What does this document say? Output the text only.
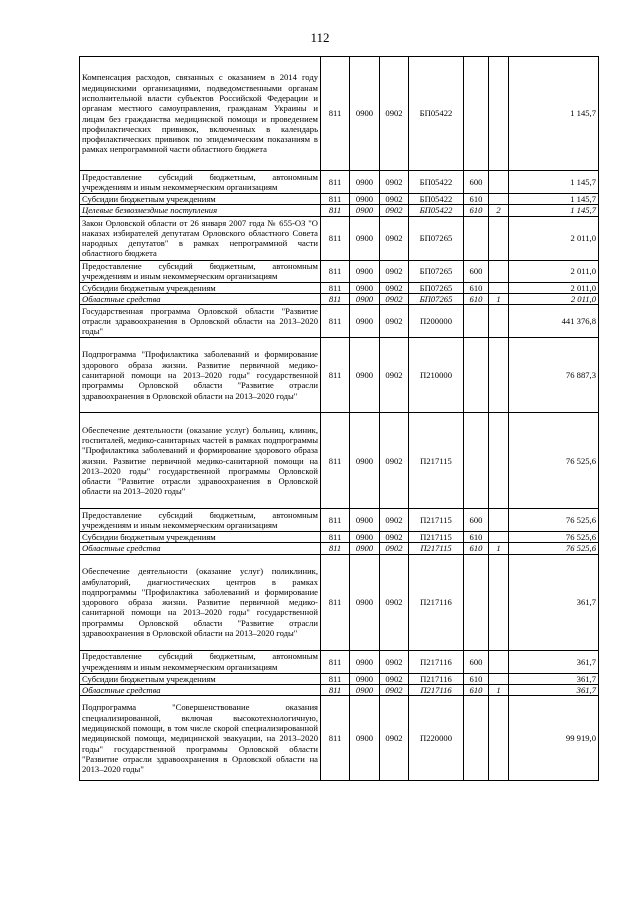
112
Компенсация расходов, связанных с оказанием в 2014 году медицинскими организациями, подведомственными органам исполнительной власти субъектов Российской Федерации и органам местного самоуправления, гражданам Украины и лицам без гражданства медицинской помощи и проведением профилактических прививок, включенных в календарь профилактических прививок по эпидемическим показаниям в рамках непрограммной части областного бюджета	811	0900	0902	БП05422			1 145,7
Предоставление субсидий бюджетным, автономным учреждениям и иным некоммерческим организациям	811	0900	0902	БП05422	600		1 145,7
Субсидии бюджетным учреждениям	811	0900	0902	БП05422	610		1 145,7
Целевые безвозмездные поступления	811	0900	0902	БП05422	610	2	1 145,7
Закон Орловской области от 26 января 2007 года № 655-ОЗ "О наказах избирателей депутатам Орловского областного Совета народных депутатов" в рамках непрограммной части областного бюджета	811	0900	0902	БП07265			2 011,0
Предоставление субсидий бюджетным, автономным учреждениям и иным некоммерческим организациям	811	0900	0902	БП07265	600		2 011,0
Субсидии бюджетным учреждениям	811	0900	0902	БП07265	610		2 011,0
Областные средства	811	0900	0902	БП07265	610	1	2 011,0
Государственная программа Орловской области "Развитие отрасли здравоохранения в Орловской области на 2013–2020 годы"	811	0900	0902	П200000			441 376,8
Подпрограмма "Профилактика заболеваний и формирование здорового образа жизни. Развитие первичной медико-санитарной помощи на 2013–2020 годы" государственной программы Орловской области "Развитие отрасли здравоохранения в Орловской области на 2013–2020 годы"	811	0900	0902	П210000			76 887,3
Обеспечение деятельности (оказание услуг) больниц, клиник, госпиталей, медико-санитарных частей в рамках подпрограммы "Профилактика заболеваний и формирование здорового образа жизни. Развитие первичной медико-санитарной помощи на 2013–2020 годы" государственной программы Орловской области "Развитие отрасли здравоохранения в Орловской области на 2013–2020 годы"	811	0900	0902	П217115			76 525,6
Предоставление субсидий бюджетным, автономным учреждениям и иным некоммерческим организациям	811	0900	0902	П217115	600		76 525,6
Субсидии бюджетным учреждениям	811	0900	0902	П217115	610		76 525,6
Областные средства	811	0900	0902	П217115	610	1	76 525,6
Обеспечение деятельности (оказание услуг) поликлиник, амбулаторий, диагностических центров в рамках подпрограммы "Профилактика заболеваний и формирование здорового образа жизни. Развитие первичной медико-санитарной помощи на 2013–2020 годы" государственной программы Орловской области "Развитие отрасли здравоохранения в Орловской области на 2013–2020 годы"	811	0900	0902	П217116			361,7
Предоставление субсидий бюджетным, автономным учреждениям и иным некоммерческим организациям	811	0900	0902	П217116	600		361,7
Субсидии бюджетным учреждениям	811	0900	0902	П217116	610		361,7
Областные средства	811	0900	0902	П217116	610	1	361,7
Подпрограмма "Совершенствование оказания специализированной, включая высокотехнологичную, медицинской помощи, в том числе скорой специализированной медицинской помощи, медицинской эвакуации, на 2013–2020 годы" государственной программы Орловской области "Развитие отрасли здравоохранения в Орловской области на 2013–2020 годы"	811	0900	0902	П220000			99 919,0
